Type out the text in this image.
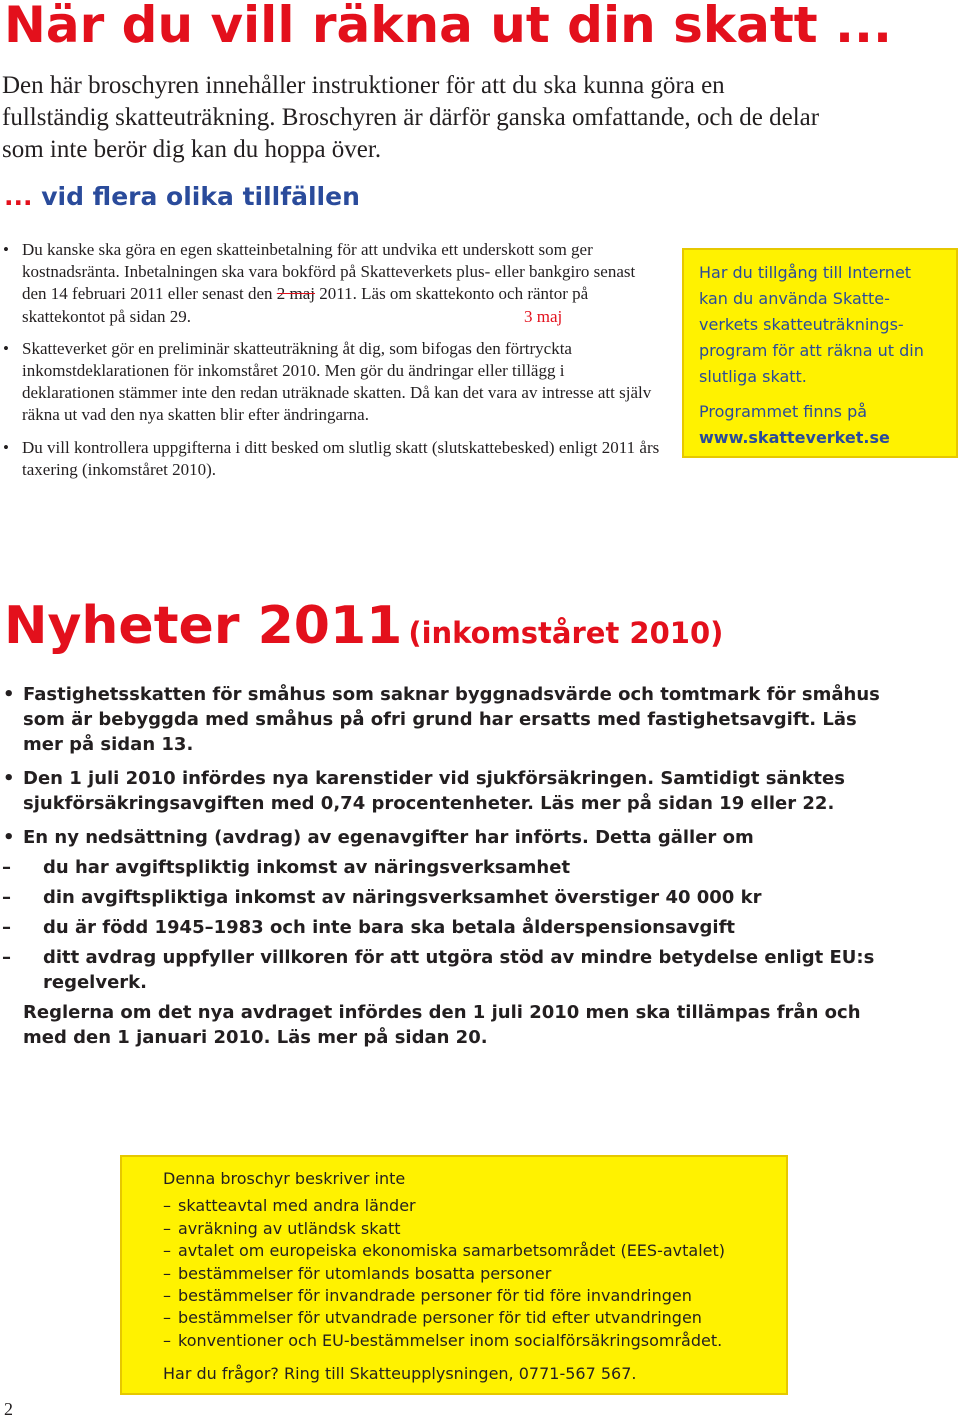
När du vill räkna ut din skatt ...

Den här broschyren innehåller instruktioner för att du ska kunna göra en fullständig skatteuträkning. Broschyren är därför ganska omfattande, och de delar som inte berör dig kan du hoppa över.

... vid flera olika tillfällen
• Du kanske ska göra en egen skatteinbetalning för att undvika ett underskott som ger kostnadsränta. Inbetalningen ska vara bokförd på Skatteverkets plus- eller bankgiro senast den 14 februari 2011 eller senast den 2 maj 2011. Läs om skattekonto och räntor på skattekontot på sidan 29.	3 maj
• Skatteverket gör en preliminär skatteuträkning åt dig, som bifogas den förtryckta inkomstdeklarationen för inkomståret 2010. Men gör du ändringar eller tillägg i deklarationen stämmer inte den redan uträknade skatten. Då kan det vara av intresse att själv räkna ut vad den nya skatten blir efter ändringarna.
• Du vill kontrollera uppgifterna i ditt besked om slutlig skatt (slutskattebesked) enligt 2011 års taxering (inkomståret 2010).

Har du tillgång till Internet kan du använda Skatte-verkets skatteuträknings-program för att räkna ut din slutliga skatt.

Programmet finns på

www.skatteverket.se

Nyheter 2011 (inkomståret 2010)
• Fastighetsskatten för småhus som saknar byggnadsvärde och tomtmark för småhus som är bebyggda med småhus på ofri grund har ersatts med fastighetsavgift. Läs mer på sidan 13.
• Den 1 juli 2010 infördes nya karenstider vid sjukförsäkringen. Samtidigt sänktes sjukförsäkringsavgiften med 0,74 procentenheter. Läs mer på sidan 19 eller 22.
• En ny nedsättning (avdrag) av egenavgifter har införts. Detta gäller om
– du har avgiftspliktig inkomst av näringsverksamhet
– din avgiftspliktiga inkomst av näringsverksamhet överstiger 40 000 kr
– du är född 1945–1983 och inte bara ska betala ålderspensionsavgift
– ditt avdrag uppfyller villkoren för att utgöra stöd av mindre betydelse enligt EU:s regelverk.

Reglerna om det nya avdraget infördes den 1 juli 2010 men ska tillämpas från och med den 1 januari 2010. Läs mer på sidan 20.

Denna broschyr beskriver inte

– skatteavtal med andra länder
– avräkning av utländsk skatt
– avtalet om europeiska ekonomiska samarbetsområdet (EES-avtalet)
– bestämmelser för utomlands bosatta personer
– bestämmelser för invandrade personer för tid före invandringen
– bestämmelser för utvandrade personer för tid efter utvandringen
– konventioner och EU-bestämmelser inom socialförsäkringsområdet.

Har du frågor? Ring till Skatteupplysningen, 0771-567 567.

2
